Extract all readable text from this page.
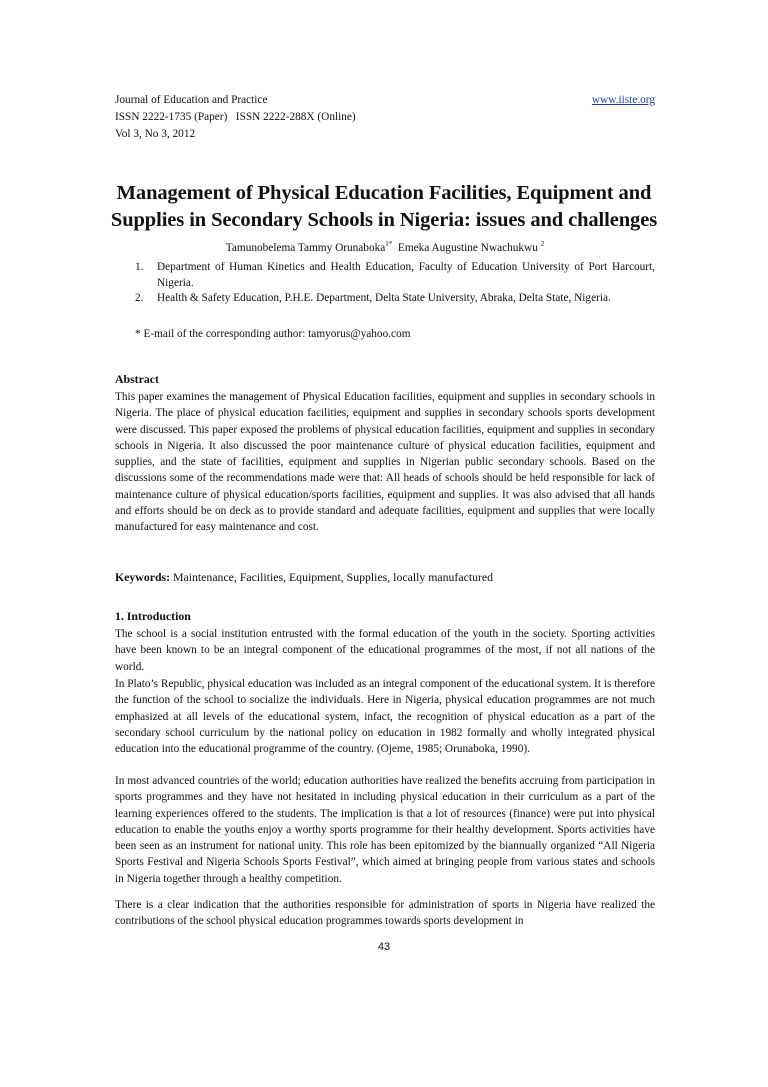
Journal of Education and Practice	www.iiste.org
ISSN 2222-1735 (Paper)   ISSN 2222-288X (Online)
Vol 3, No 3, 2012
Management of Physical Education Facilities, Equipment and
Supplies in Secondary Schools in Nigeria: issues and challenges
Tamunobelema Tammy Orunaboka$^{1*}$ Emeka Augustine Nwachukwu $^2$
1. Department of Human Kinetics and Health Education, Faculty of Education University of Port Harcourt, Nigeria.
2. Health & Safety Education, P.H.E. Department, Delta State University, Abraka, Delta State, Nigeria.
* E-mail of the corresponding author: tamyorus@yahoo.com
Abstract

This paper examines the management of Physical Education facilities, equipment and supplies in secondary schools in Nigeria. The place of physical education facilities, equipment and supplies in secondary schools sports development were discussed. This paper exposed the problems of physical education facilities, equipment and supplies in secondary schools in Nigeria. It also discussed the poor maintenance culture of physical education facilities, equipment and supplies, and the state of facilities, equipment and supplies in Nigerian public secondary schools. Based on the discussions some of the recommendations made were that: All heads of schools should be held responsible for lack of maintenance culture of physical education/sports facilities, equipment and supplies. It was also advised that all hands and efforts should be on deck as to provide standard and adequate facilities, equipment and supplies that were locally manufactured for easy maintenance and cost.

Keywords: Maintenance, Facilities, Equipment, Supplies, locally manufactured
1. Introduction

The school is a social institution entrusted with the formal education of the youth in the society. Sporting activities have been known to be an integral component of the educational programmes of the most, if not all nations of the world.

In Plato’s Republic, physical education was included as an integral component of the educational system. It is therefore the function of the school to socialize the individuals. Here in Nigeria, physical education programmes are not much emphasized at all levels of the educational system, infact, the recognition of physical education as a part of the secondary school curriculum by the national policy on education in 1982 formally and wholly integrated physical education into the educational programme of the country. (Ojeme, 1985; Orunaboka, 1990).

In most advanced countries of the world; education authorities have realized the benefits accruing from participation in sports programmes and they have not hesitated in including physical education in their curriculum as a part of the learning experiences offered to the students. The implication is that a lot of resources (finance) were put into physical education to enable the youths enjoy a worthy sports programme for their healthy development. Sports activities have been seen as an instrument for national unity. This role has been epitomized by the biannually organized “All Nigeria Sports Festival and Nigeria Schools Sports Festival”, which aimed at bringing people from various states and schools in Nigeria together through a healthy competition.

There is a clear indication that the authorities responsible for administration of sports in Nigeria have realized the contributions of the school physical education programmes towards sports development in

43
